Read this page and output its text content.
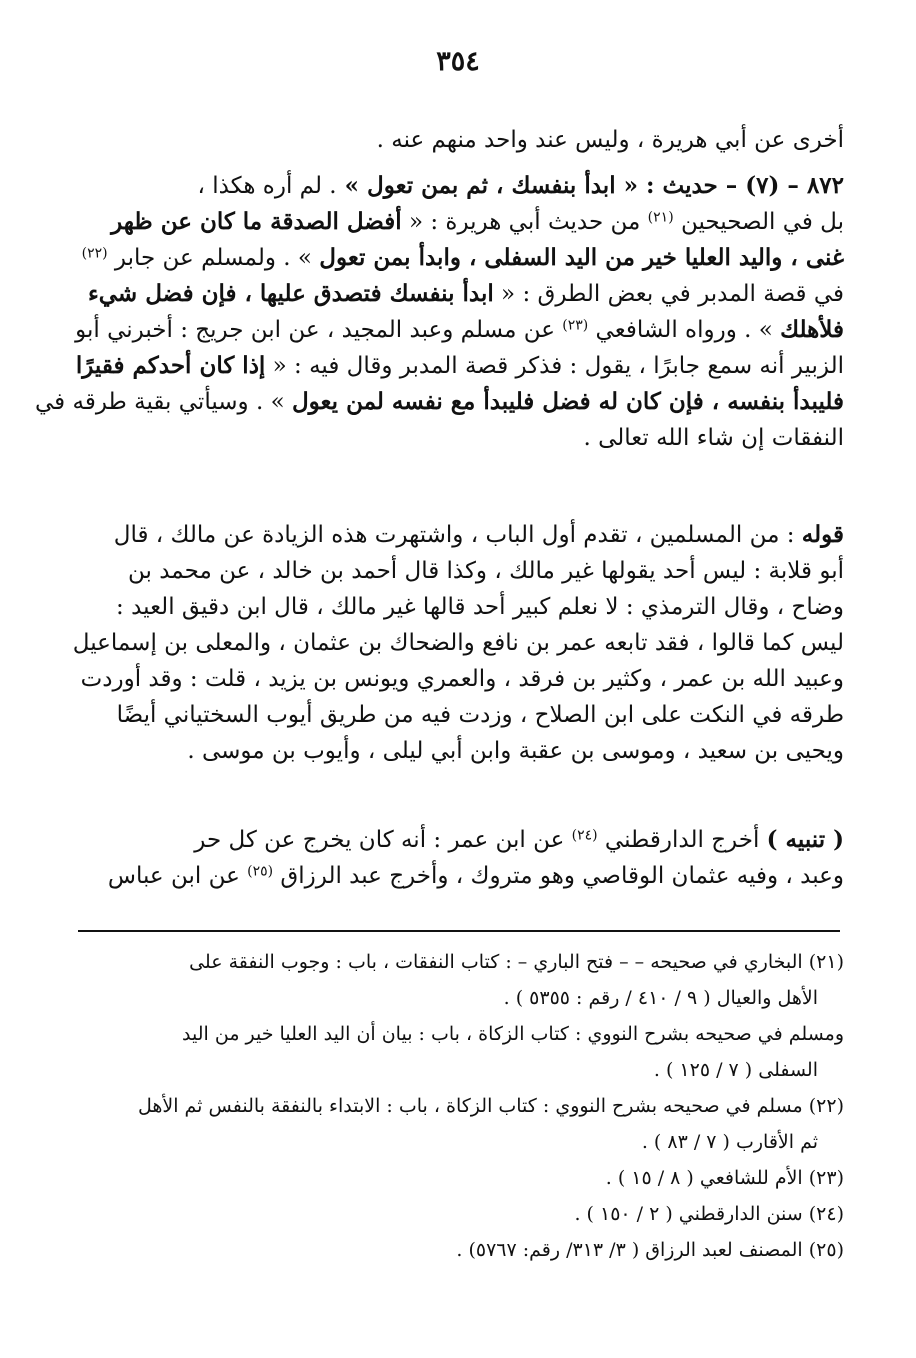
٣٥٤
أخرى عن أبي هريرة ، وليس عند واحد منهم عنه .
٨٧٢ – (٧) – حديث : « ابدأ بنفسك ، ثم بمن تعول » . لم أره هكذا ،
بل في الصحيحين $^{(٢١)}$ من حديث أبي هريرة : « أفضل الصدقة ما كان عن ظهر
غنى ، واليد العليا خير من اليد السفلى ، وابدأ بمن تعول » . ولمسلم عن جابر $^{(٢٢)}$
في قصة المدبر في بعض الطرق : « ابدأ بنفسك فتصدق عليها ، فإن فضل شيء
فلأهلك » . ورواه الشافعي $^{(٢٣)}$ عن مسلم وعبد المجيد ، عن ابن جريج : أخبرني أبو
الزبير أنه سمع جابرًا ، يقول : فذكر قصة المدبر وقال فيه : « إذا كان أحدكم فقيرًا
فليبدأ بنفسه ، فإن كان له فضل فليبدأ مع نفسه لمن يعول » . وسيأتي بقية طرقه في
النفقات إن شاء الله تعالى .
قوله : من المسلمين ، تقدم أول الباب ، واشتهرت هذه الزيادة عن مالك ، قال
أبو قلابة : ليس أحد يقولها غير مالك ، وكذا قال أحمد بن خالد ، عن محمد بن
وضاح ، وقال الترمذي : لا نعلم كبير أحد قالها غير مالك ، قال ابن دقيق العيد :
ليس كما قالوا ، فقد تابعه عمر بن نافع والضحاك بن عثمان ، والمعلى بن إسماعيل
وعبيد الله بن عمر ، وكثير بن فرقد ، والعمري ويونس بن يزيد ، قلت : وقد أوردت
طرقه في النكت على ابن الصلاح ، وزدت فيه من طريق أيوب السختياني أيضًا
ويحيى بن سعيد ، وموسى بن عقبة وابن أبي ليلى ، وأيوب بن موسى .
( تنبيه ) أخرج الدارقطني $^{(٢٤)}$ عن ابن عمر : أنه كان يخرج عن كل حر
وعبد ، وفيه عثمان الوقاصي وهو متروك ، وأخرج عبد الرزاق $^{(٢٥)}$ عن ابن عباس
(٢١) البخاري في صحيحه – – فتح الباري – : كتاب النفقات ، باب : وجوب النفقة على
الأهل والعيال ( ٩ / ٤١٠ / رقم : ٥٣٥٥ ) .
ومسلم في صحيحه بشرح النووي : كتاب الزكاة ، باب : بيان أن اليد العليا خير من اليد
السفلى ( ٧ / ١٢٥ ) .
(٢٢) مسلم في صحيحه بشرح النووي : كتاب الزكاة ، باب : الابتداء بالنفقة بالنفس ثم الأهل
ثم الأقارب ( ٧ / ٨٣ ) .
(٢٣) الأم للشافعي ( ٨ / ١٥ ) .
(٢٤) سنن الدارقطني ( ٢ / ١٥٠ ) .
(٢٥) المصنف لعبد الرزاق ( ٣/ ٣١٣/ رقم: ٥٧٦٧) .
